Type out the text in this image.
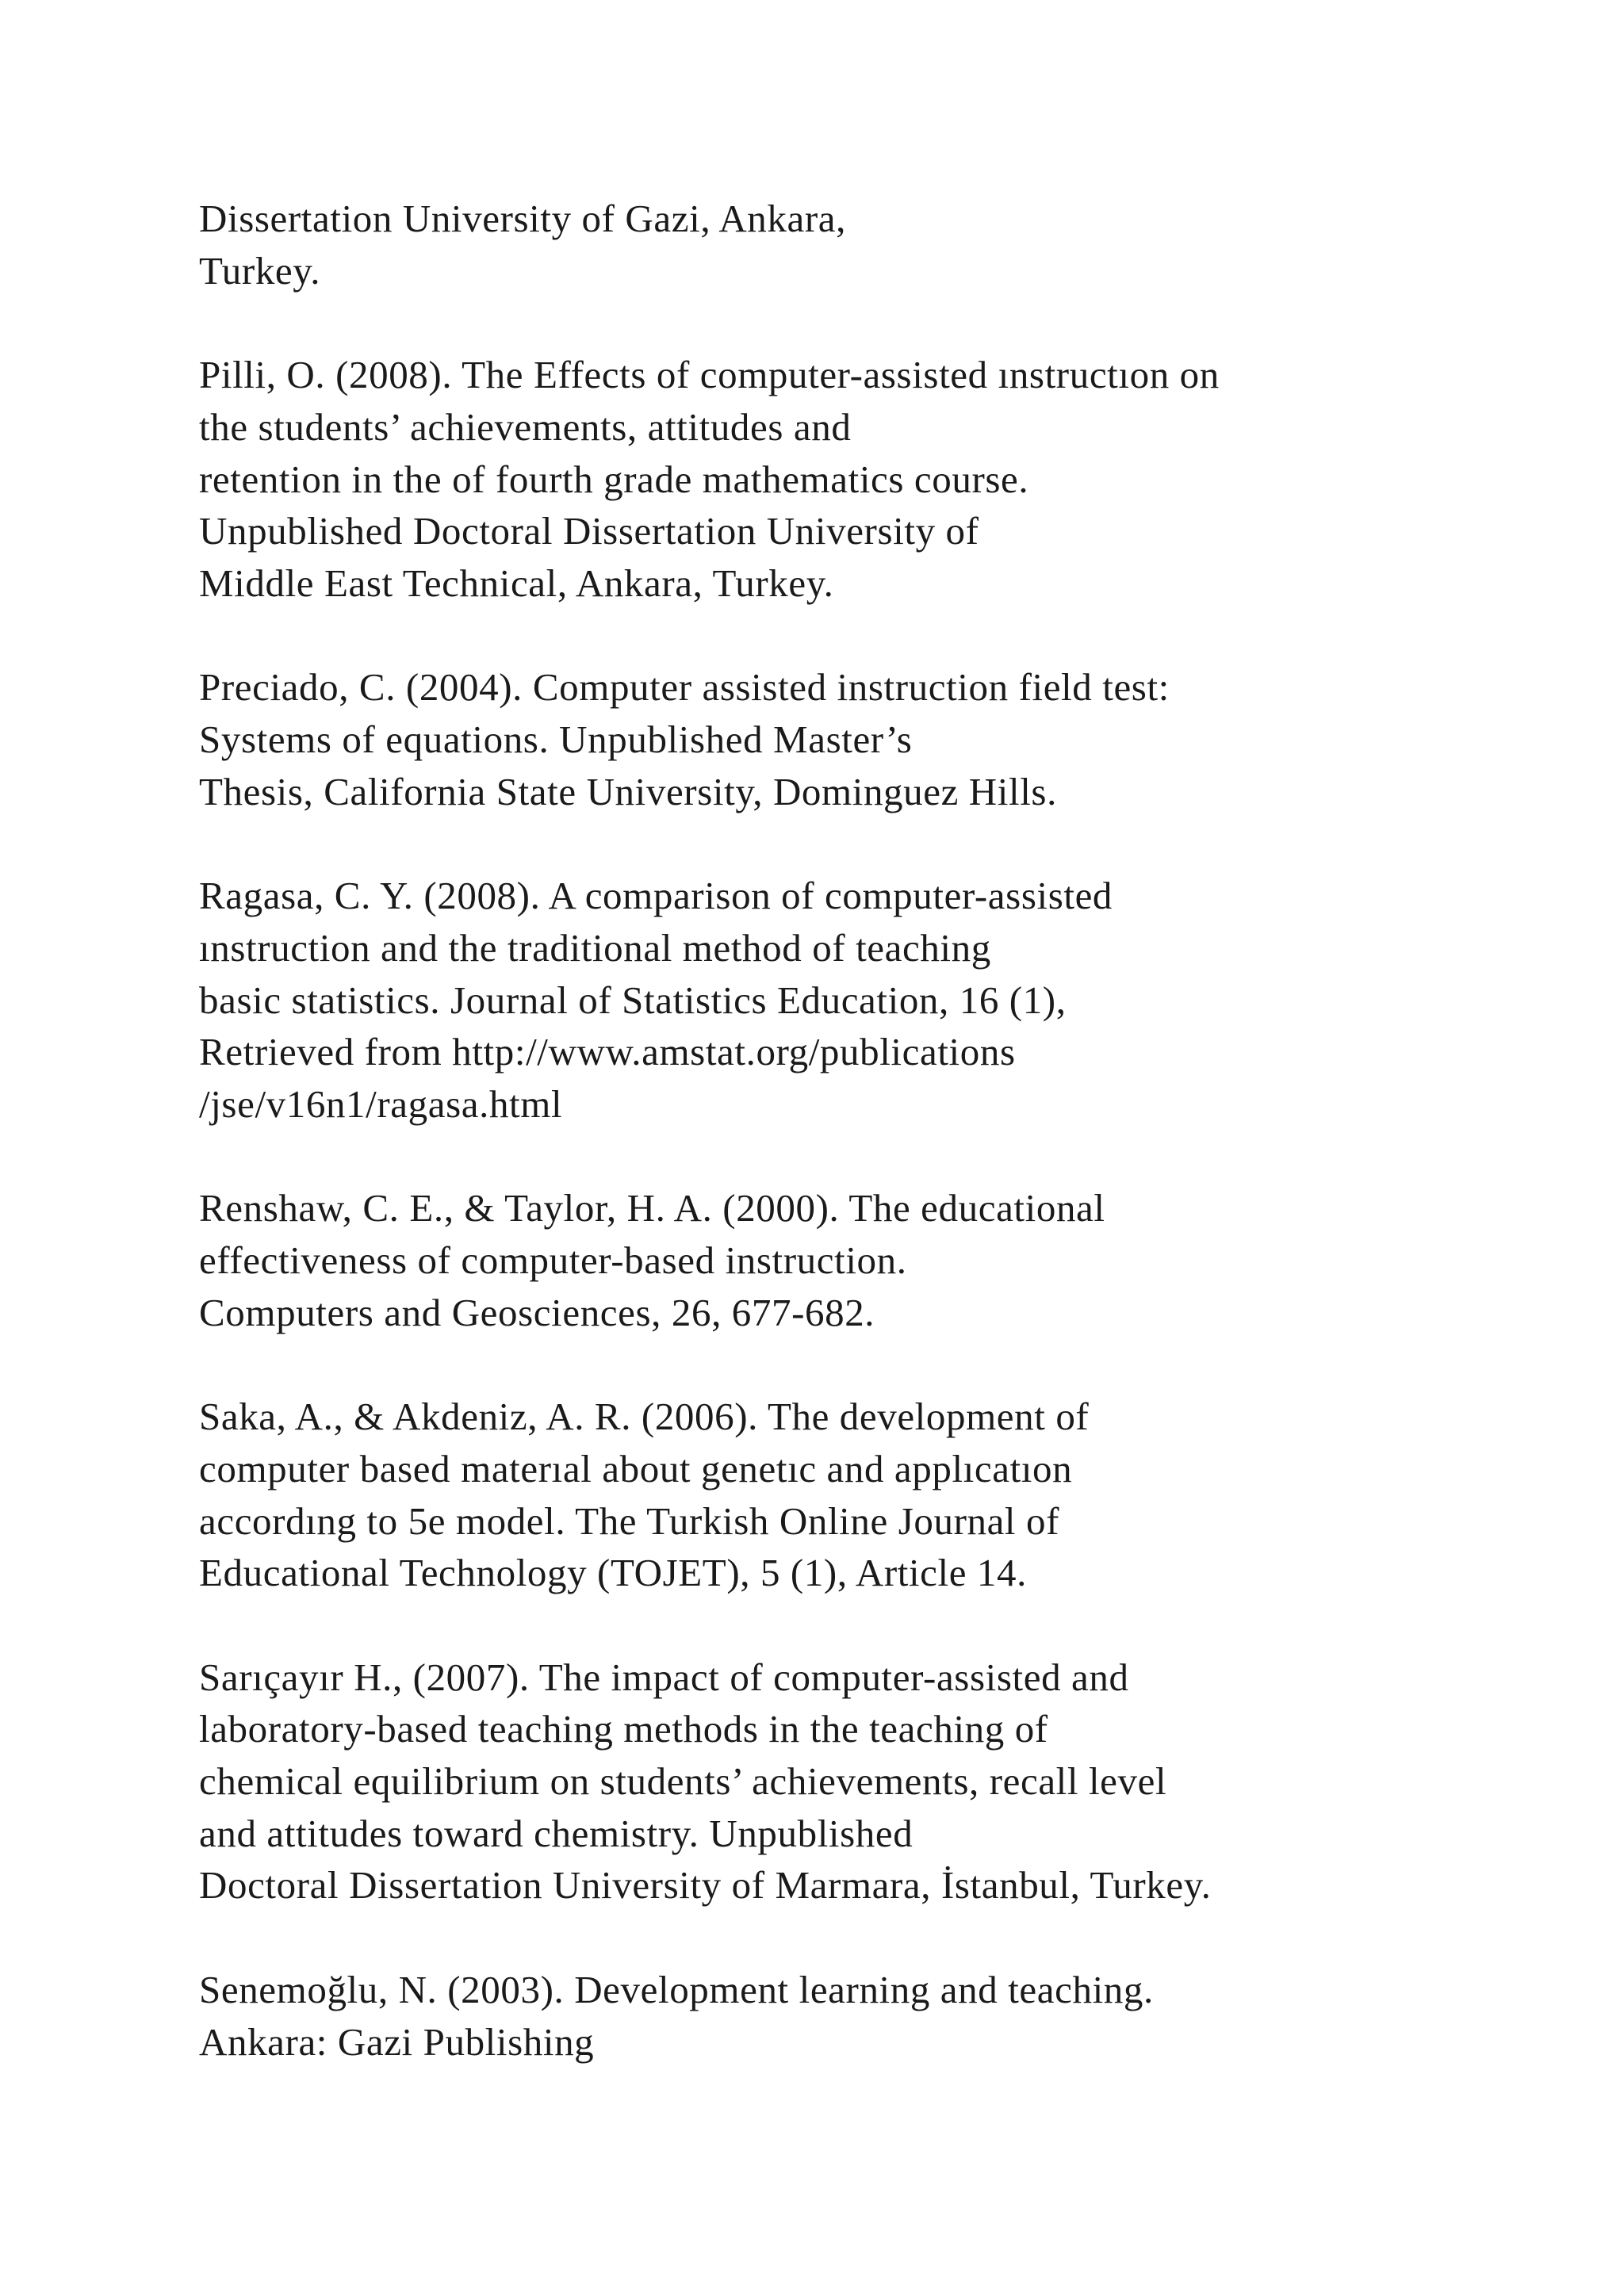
Dissertation University of Gazi, Ankara,
Turkey.
Pilli, O. (2008). The Effects of computer-assisted ınstructıon on
the students’ achievements, attitudes and
retention in the of fourth grade mathematics course.
Unpublished Doctoral Dissertation University of
Middle East Technical, Ankara, Turkey.
Preciado, C. (2004). Computer assisted instruction field test:
Systems of equations. Unpublished Master’s
Thesis, California State University, Dominguez Hills.
Ragasa, C. Y. (2008). A comparison of computer-assisted
ınstruction and the traditional method of teaching
basic statistics. Journal of Statistics Education, 16 (1),
Retrieved from http://www.amstat.org/publications
/jse/v16n1/ragasa.html
Renshaw, C. E., & Taylor, H. A. (2000). The educational
effectiveness of computer-based instruction.
Computers and Geosciences, 26, 677-682.
Saka, A., & Akdeniz, A. R. (2006). The development of
computer based materıal about genetıc and applıcatıon
accordıng to 5e model. The Turkish Online Journal of
Educational Technology (TOJET), 5 (1), Article 14.
Sarıçayır H., (2007). The impact of computer-assisted and
laboratory-based teaching methods in the teaching of
chemical equilibrium on students’ achievements, recall level
and attitudes toward chemistry. Unpublished
Doctoral Dissertation University of Marmara, İstanbul, Turkey.
Senemoğlu, N. (2003). Development learning and teaching.
Ankara: Gazi Publishing
